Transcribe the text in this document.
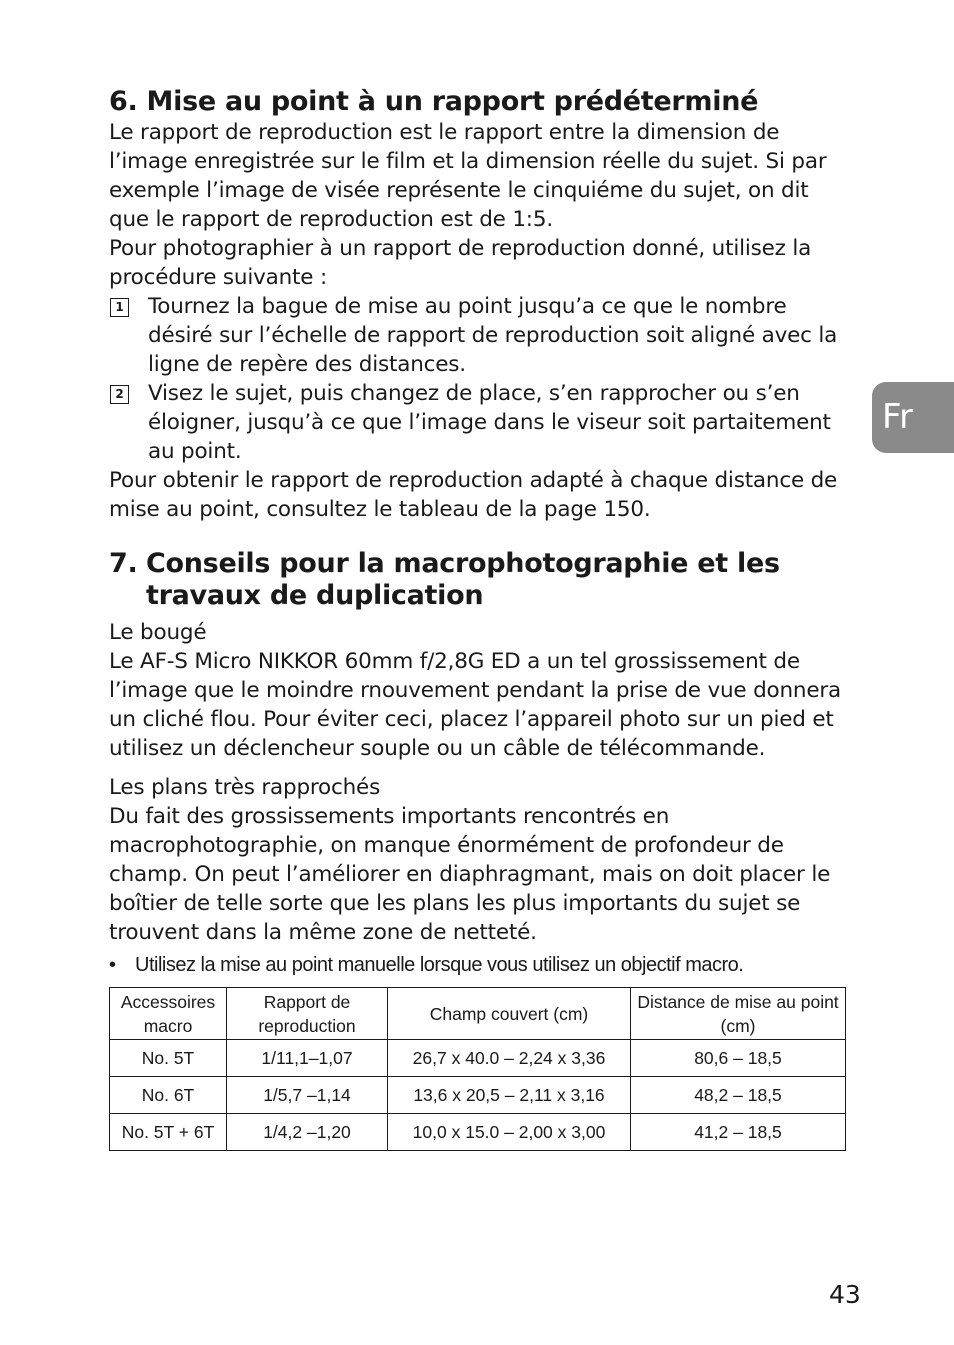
6. Mise au point à un rapport prédéterminé

Le rapport de reproduction est le rapport entre la dimension de l’image enregistrée sur le film et la dimension réelle du sujet. Si par exemple l’image de visée représente le cinquiéme du sujet, on dit que le rapport de reproduction est de 1:5.

Pour photographier à un rapport de reproduction donné, utilisez la procédure suivante :

1 Tournez la bague de mise au point jusqu’a ce que le nombre désiré sur l’échelle de rapport de reproduction soit aligné avec la ligne de repère des distances.
2 Visez le sujet, puis changez de place, s’en rapprocher ou s’en éloigner, jusqu’à ce que l’image dans le viseur soit partaitement au point.

Pour obtenir le rapport de reproduction adapté à chaque distance de mise au point, consultez le tableau de la page 150.

7. Conseils pour la macrophotographie et les travaux de duplication

Le bougé

Le AF-S Micro NIKKOR 60mm f/2,8G ED a un tel grossissement de l’image que le moindre rnouvement pendant la prise de vue donnera un cliché flou. Pour éviter ceci, placez l’appareil photo sur un pied et utilisez un déclencheur souple ou un câble de télécommande.

Les plans très rapprochés

Du fait des grossissements importants rencontrés en macrophotographie, on manque énormément de profondeur de champ. On peut l’améliorer en diaphragmant, mais on doit placer le boîtier de telle sorte que les plans les plus importants du sujet se trouvent dans la même zone de netteté.

• Utilisez la mise au point manuelle lorsque vous utilisez un objectif macro.
Accessoires macro	Rapport de reproduction	Champ couvert (cm)	Distance de mise au point (cm)
No. 5T	1/11,1–1,07	26,7 x 40.0 – 2,24 x 3,36	80,6 – 18,5
No. 6T	1/5,7 –1,14	13,6 x 20,5 – 2,11 x 3,16	48,2 – 18,5
No. 5T + 6T	1/4,2 –1,20	10,0 x 15.0 – 2,00 x 3,00	41,2 – 18,5
Fr
43
